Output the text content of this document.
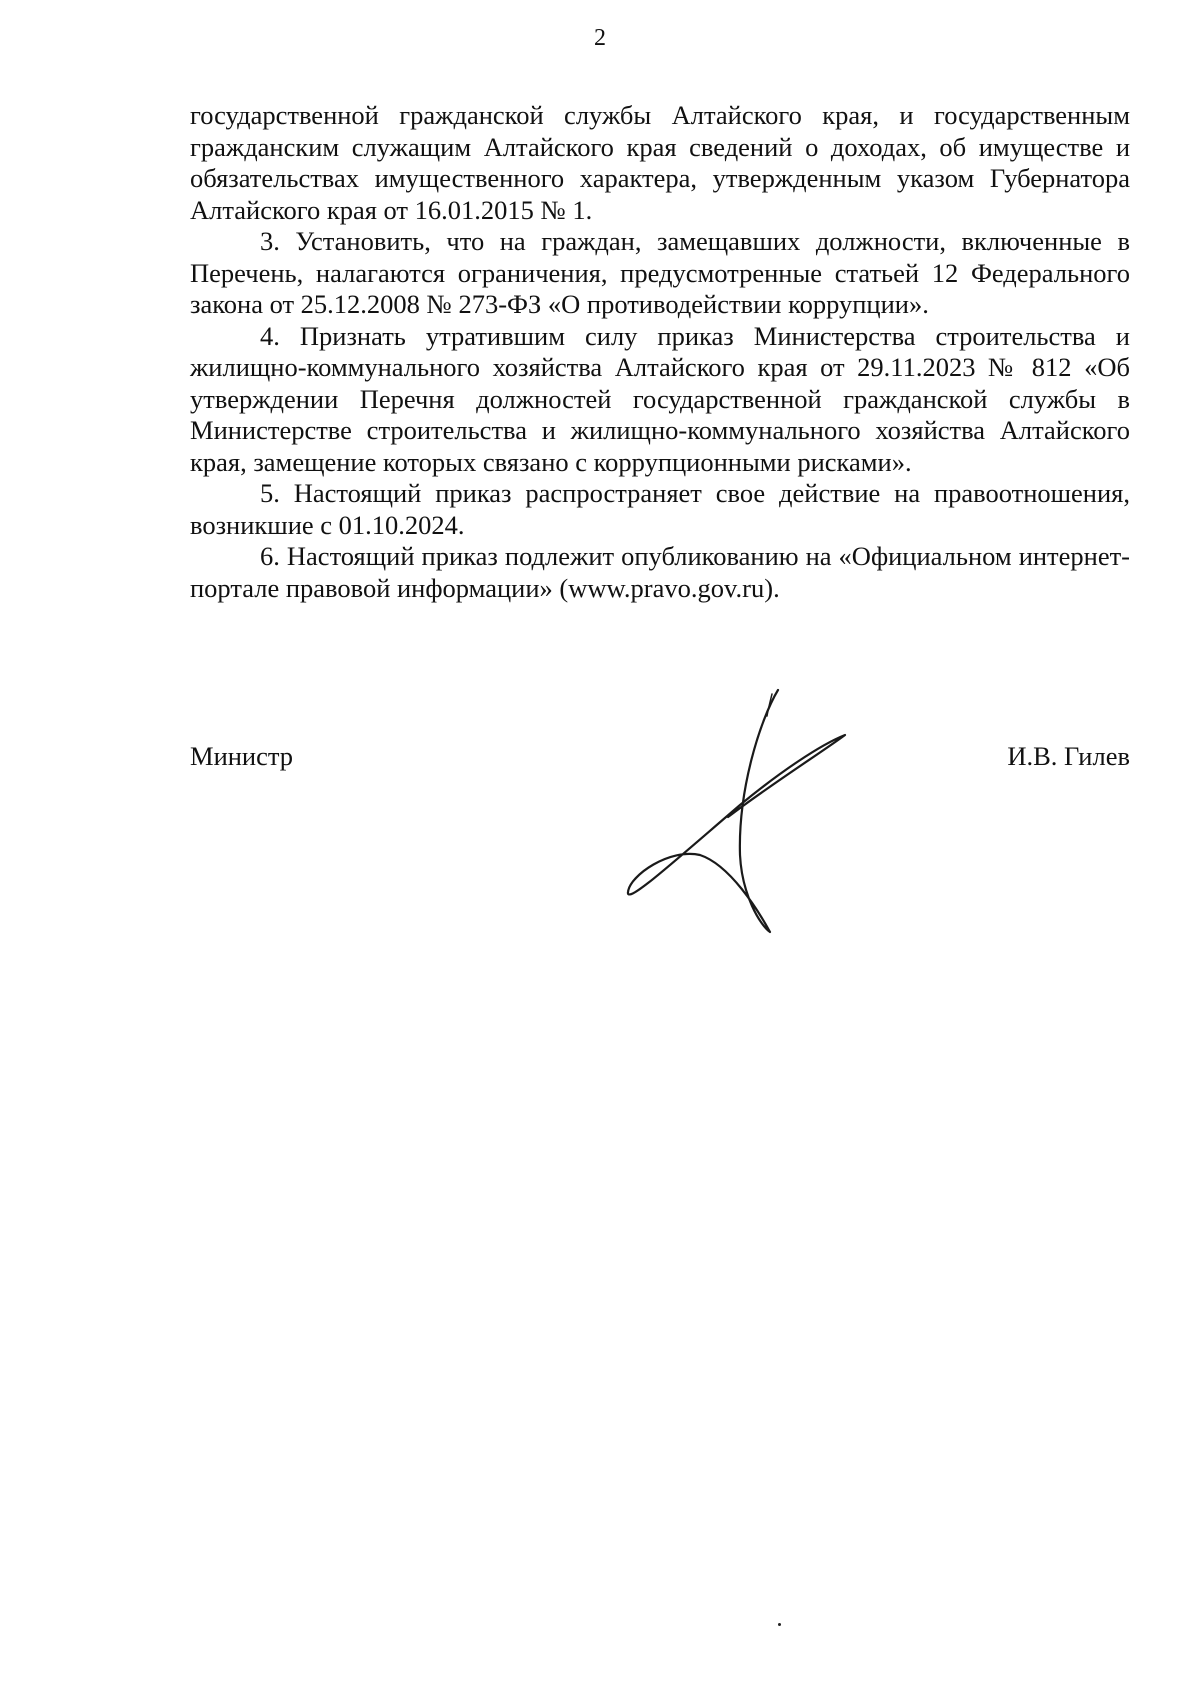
2

государственной гражданской службы Алтайского края, и государственным гражданским служащим Алтайского края сведений о доходах, об имуществе и обязательствах имущественного характера, утвержденным указом Губернатора Алтайского края от 16.01.2015 № 1.

3. Установить, что на граждан, замещавших должности, включенные в Перечень, налагаются ограничения, предусмотренные статьей 12 Федерального закона от 25.12.2008 № 273-ФЗ «О противодействии коррупции».

4. Признать утратившим силу приказ Министерства строительства и жилищно-коммунального хозяйства Алтайского края от 29.11.2023 № 812 «Об утверждении Перечня должностей государственной гражданской службы в Министерстве строительства и жилищно-коммунального хозяйства Алтайского края, замещение которых связано с коррупционными рисками».

5. Настоящий приказ распространяет свое действие на правоотношения, возникшие с 01.10.2024.

6. Настоящий приказ подлежит опубликованию на «Официальном интернет-портале правовой информации» (www.pravo.gov.ru).

Министр	И.В. Гилев
